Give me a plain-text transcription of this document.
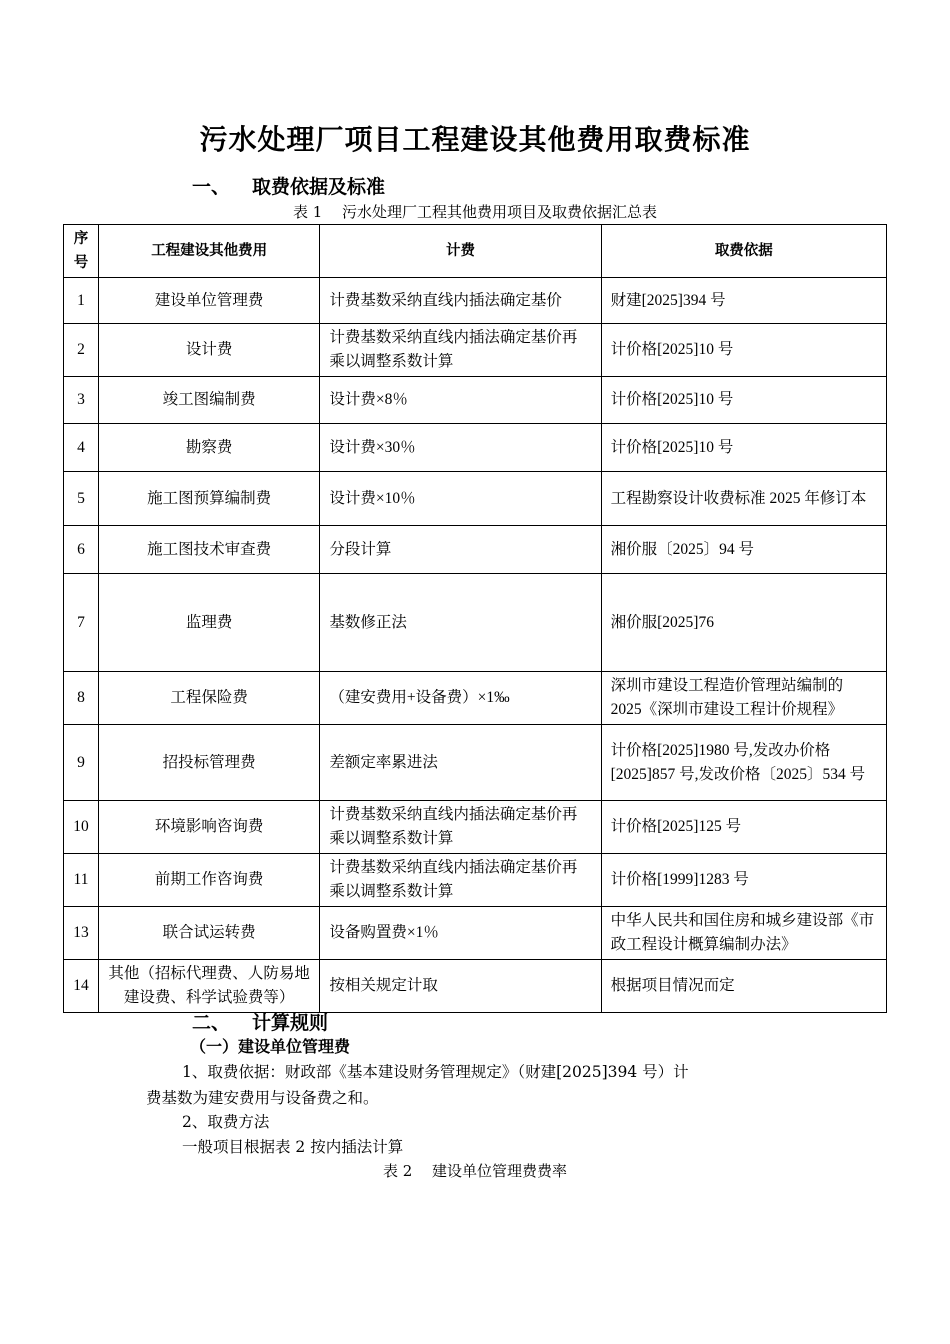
污水处理厂项目工程建设其他费用取费标准
一、 取费依据及标准
表 1　 污水处理厂工程其他费用项目及取费依据汇总表
序号	工程建设其他费用	计费	取费依据
1	建设单位管理费	计费基数采纳直线内插法确定基价	财建[2025]394 号
2	设计费	计费基数采纳直线内插法确定基价再乘以调整系数计算	计价格[2025]10 号
3	竣工图编制费	设计费×8％	计价格[2025]10 号
4	勘察费	设计费×30％	计价格[2025]10 号
5	施工图预算编制费	设计费×10％	工程勘察设计收费标准 2025 年修订本
6	施工图技术审查费	分段计算	湘价服〔2025〕94 号
7	监理费	基数修正法	湘价服[2025]76
8	工程保险费	（建安费用+设备费）×1‰	深圳市建设工程造价管理站编制的 2025《深圳市建设工程计价规程》
9	招投标管理费	差额定率累进法	计价格[2025]1980 号,发改办价格[2025]857 号,发改价格〔2025〕534 号
10	环境影响咨询费	计费基数采纳直线内插法确定基价再乘以调整系数计算	计价格[2025]125 号
11	前期工作咨询费	计费基数采纳直线内插法确定基价再乘以调整系数计算	计价格[1999]1283 号
13	联合试运转费	设备购置费×1％	中华人民共和国住房和城乡建设部《市政工程设计概算编制办法》
14	其他（招标代理费、人防易地建设费、科学试验费等）	按相关规定计取	根据项目情况而定
二、 计算规则
（一）建设单位管理费
1、取费依据：财政部《基本建设财务管理规定》（财建[2025]394 号）计
费基数为建安费用与设备费之和。
2、取费方法
一般项目根据表 2 按内插法计算
表 2　 建设单位管理费费率
